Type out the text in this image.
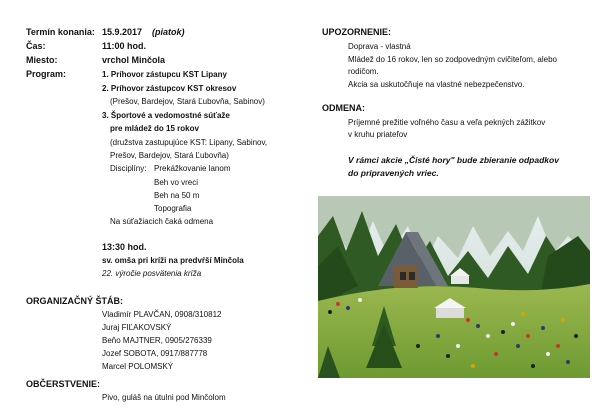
Termín konania: 15.9.2017 (piatok)
Čas:	11:00 hod.
Miesto:	vrchol Minčola
Program:	1. Príhovor zástupcu KST Lipany
2. Príhovor zástupcov KST okresov
(Prešov, Bardejov, Stará Ľubovňa, Sabinov)
3. Športové a vedomostné súťaže
pre mládež do 15 rokov
(družstva zastupujúce KST: Lipany, Sabinov,
Prešov, Bardejov, Stará Ľubovňa)
Disciplíny: Prekážkovanie lanom
Beh vo vreci
Beh na 50 m
Topografia
Na súťažiacich čaká odmena
13:30 hod.
sv. omša pri kríži na predvŕší Minčola
22. výročie posvätenia kríža
ORGANIZAČNÝ ŠTÁB:
Vladimír PLAVČAN, 0908/310812
Juraj FIĽAKOVSKÝ
Beňo MAJTNER, 0905/276339
Jozef SOBOTA, 0917/887778
Marcel POLOMSKÝ
OBČERSTVENIE:
Pivo, guláš na útulni pod Minčolom
UPOZORNENIE:
Doprava - vlastná
Mládež do 16 rokov, len so zodpovedným cvičiteľom, alebo
rodičom.
Akcia sa uskutočňuje na vlastné nebezpečenstvo.
ODMENA:
Príjemné prežitie voľného času a veľa pekných zážitkov
v kruhu priateľov
V rámci akcie „Čisté hory" bude zbieranie odpadkov
do pripravených vriec.
